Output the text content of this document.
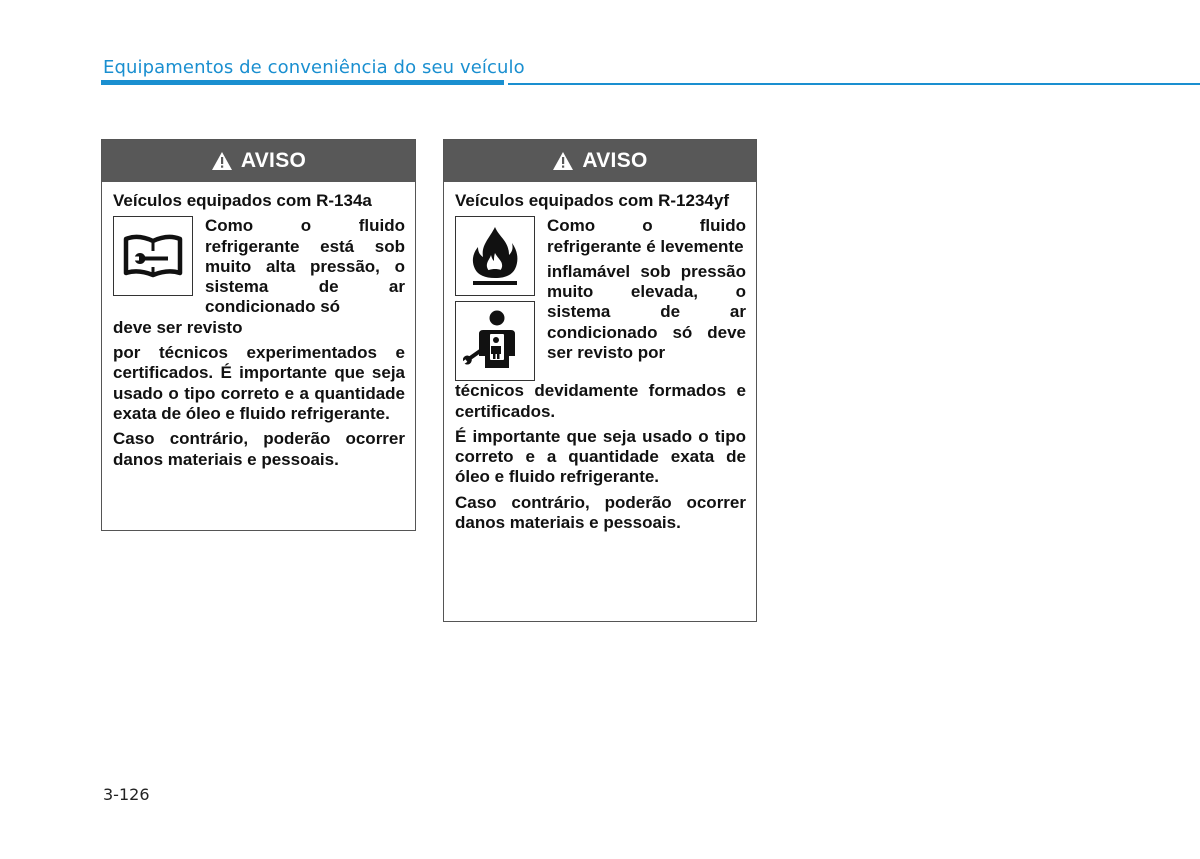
Equipamentos de conveniência do seu veículo
AVISO

Veículos equipados com R-134a

Como o fluido refrigerante está sob muito alta pressão, o sistema de ar condicionado só

deve ser revisto

por técnicos experimentados e certificados. É importante que seja usado o tipo correto e a quantidade exata de óleo e fluido refrigerante.

Caso contrário, poderão ocorrer danos materiais e pessoais.

AVISO

Veículos equipados com R-1234yf

Como o fluido refrigerante é levemente

inflamável sob pressão muito elevada, o sistema de ar condicionado só deve ser revisto por

técnicos devidamente formados e certificados.

É importante que seja usado o tipo correto e a quantidade exata de óleo e fluido refrigerante.

Caso contrário, poderão ocorrer danos materiais e pessoais.

3-126
